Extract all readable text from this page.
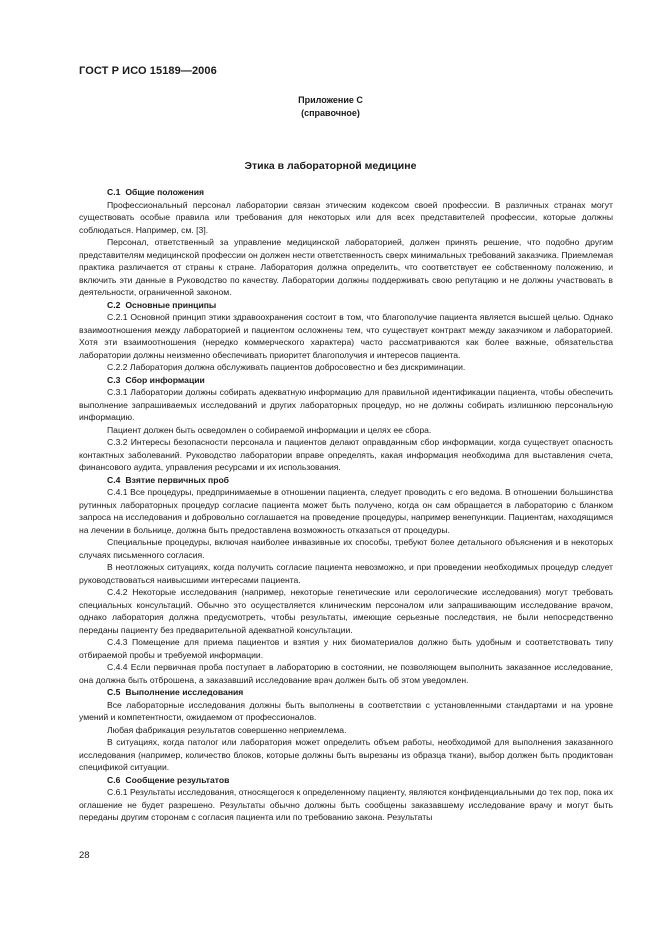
ГОСТ Р ИСО 15189—2006
Приложение С
(справочное)
Этика в лабораторной медицине

С.1 Общие положения

Профессиональный персонал лаборатории связан этическим кодексом своей профессии. В различных странах могут существовать особые правила или требования для некоторых или для всех представителей профессии, которые должны соблюдаться. Например, см. [3].

Персонал, ответственный за управление медицинской лабораторией, должен принять решение, что подобно другим представителям медицинской профессии он должен нести ответственность сверх минимальных требований заказчика. Приемлемая практика различается от страны к стране. Лаборатория должна определить, что соответствует ее собственному положению, и включить эти данные в Руководство по качеству. Лаборатории должны поддерживать свою репутацию и не должны участвовать в деятельности, ограниченной законом.

С.2 Основные принципы

С.2.1 Основной принцип этики здравоохранения состоит в том, что благополучие пациента является высшей целью. Однако взаимоотношения между лабораторией и пациентом осложнены тем, что существует контракт между заказчиком и лабораторией. Хотя эти взаимоотношения (нередко коммерческого характера) часто рассматриваются как более важные, обязательства лаборатории должны неизменно обеспечивать приоритет благополучия и интересов пациента.

С.2.2 Лаборатория должна обслуживать пациентов добросовестно и без дискриминации.

С.3 Сбор информации

С.3.1 Лаборатории должны собирать адекватную информацию для правильной идентификации пациента, чтобы обеспечить выполнение запрашиваемых исследований и других лабораторных процедур, но не должны собирать излишнюю персональную информацию.

Пациент должен быть осведомлен о собираемой информации и целях ее сбора.

С.3.2 Интересы безопасности персонала и пациентов делают оправданным сбор информации, когда существует опасность контактных заболеваний. Руководство лаборатории вправе определять, какая информация необходима для выставления счета, финансового аудита, управления ресурсами и их использования.

С.4 Взятие первичных проб

С.4.1 Все процедуры, предпринимаемые в отношении пациента, следует проводить с его ведома. В отношении большинства рутинных лабораторных процедур согласие пациента может быть получено, когда он сам обращается в лабораторию с бланком запроса на исследования и добровольно соглашается на проведение процедуры, например венепункции. Пациентам, находящимся на лечении в больнице, должна быть предоставлена возможность отказаться от процедуры.

Специальные процедуры, включая наиболее инвазивные их способы, требуют более детального объяснения и в некоторых случаях письменного согласия.

В неотложных ситуациях, когда получить согласие пациента невозможно, и при проведении необходимых процедур следует руководствоваться наивысшими интересами пациента.

С.4.2 Некоторые исследования (например, некоторые генетические или серологические исследования) могут требовать специальных консультаций. Обычно это осуществляется клиническим персоналом или запрашивающим исследование врачом, однако лаборатория должна предусмотреть, чтобы результаты, имеющие серьезные последствия, не были непосредственно переданы пациенту без предварительной адекватной консультации.

С.4.3 Помещение для приема пациентов и взятия у них биоматериалов должно быть удобным и соответствовать типу отбираемой пробы и требуемой информации.

С.4.4 Если первичная проба поступает в лабораторию в состоянии, не позволяющем выполнить заказанное исследование, она должна быть отброшена, а заказавший исследование врач должен быть об этом уведомлен.

С.5 Выполнение исследования

Все лабораторные исследования должны быть выполнены в соответствии с установленными стандартами и на уровне умений и компетентности, ожидаемом от профессионалов.

Любая фабрикация результатов совершенно неприемлема.

В ситуациях, когда патолог или лаборатория может определить объем работы, необходимой для выполнения заказанного исследования (например, количество блоков, которые должны быть вырезаны из образца ткани), выбор должен быть продиктован спецификой ситуации.

С.6 Сообщение результатов

С.6.1 Результаты исследования, относящегося к определенному пациенту, являются конфиденциальными до тех пор, пока их оглашение не будет разрешено. Результаты обычно должны быть сообщены заказавшему исследование врачу и могут быть переданы другим сторонам с согласия пациента или по требованию закона. Результаты

28
